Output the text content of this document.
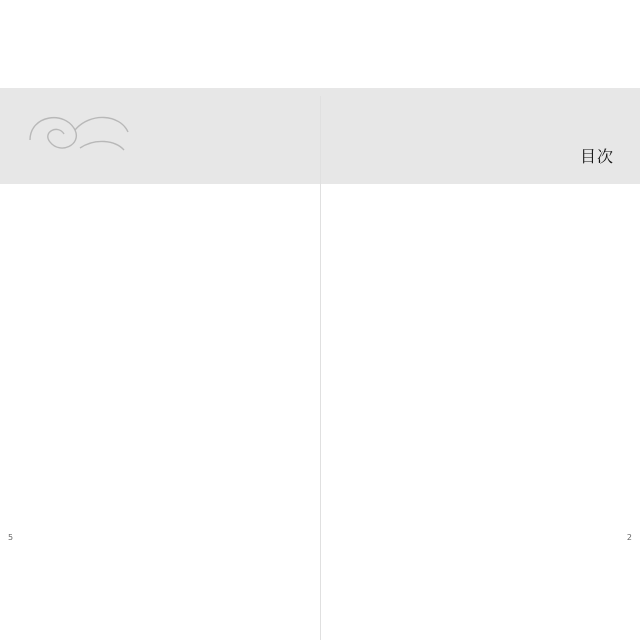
目次
5	2
